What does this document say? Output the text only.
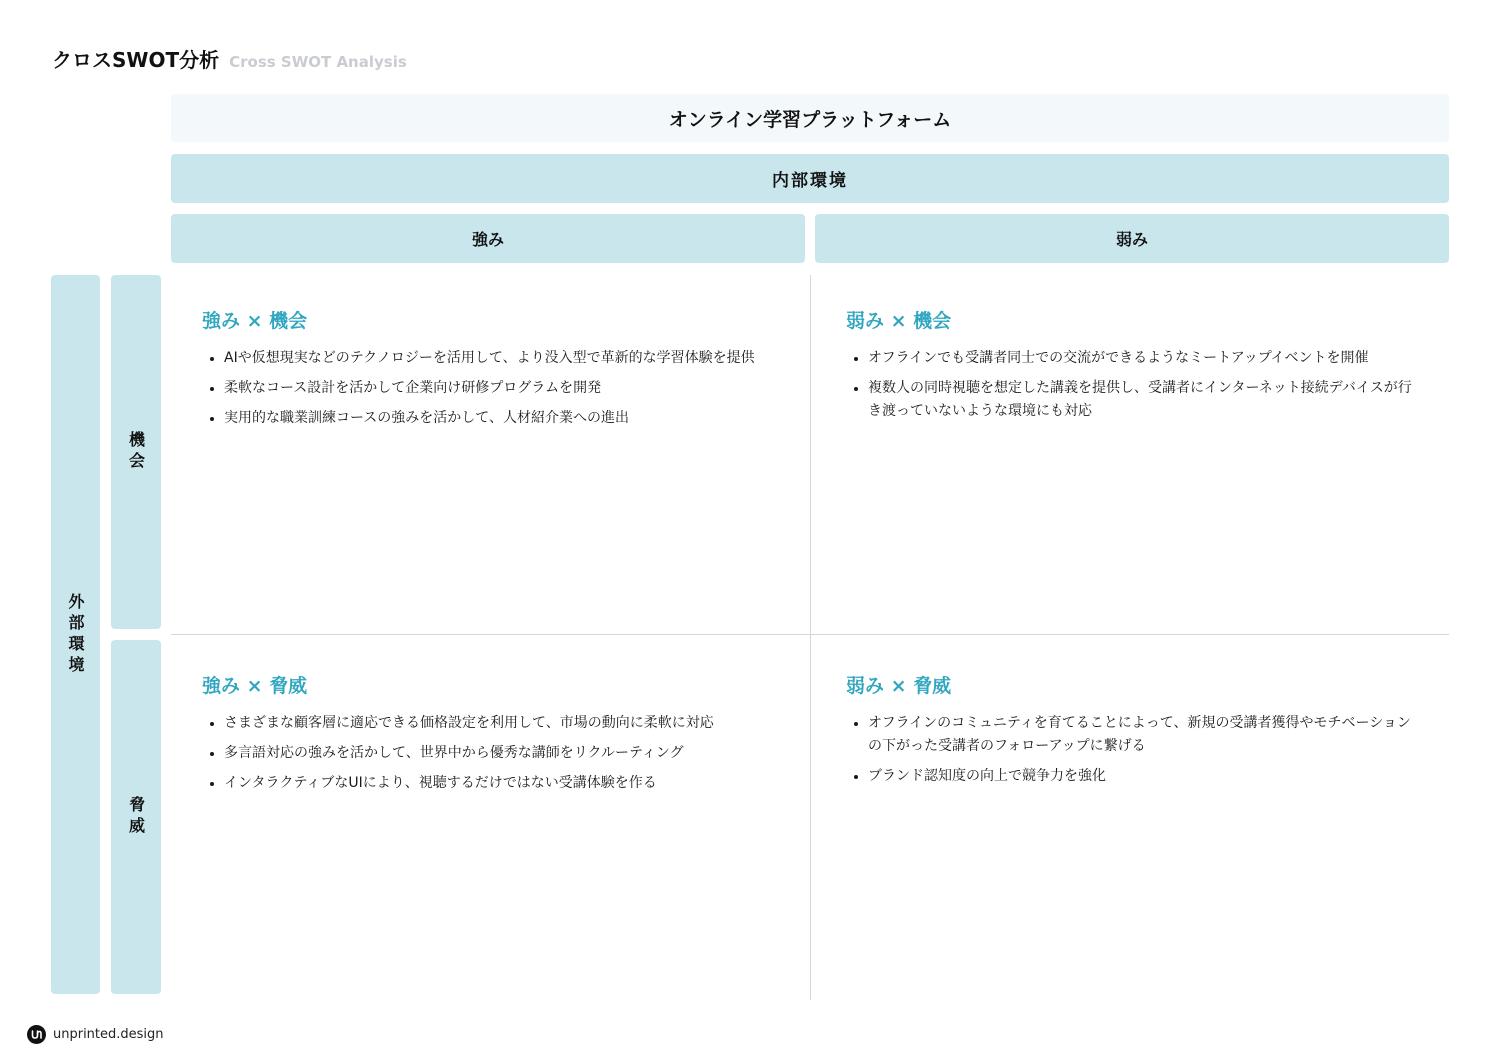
クロスSWOT分析 Cross SWOT Analysis
オンライン学習プラットフォーム
内部環境
強み	弱み
外部環境
機会
脅威
強み × 機会
AIや仮想現実などのテクノロジーを活用して、より没入型で革新的な学習体験を提供
柔軟なコース設計を活かして企業向け研修プログラムを開発
実用的な職業訓練コースの強みを活かして、人材紹介業への進出
弱み × 機会
オフラインでも受講者同士での交流ができるようなミートアップイベントを開催
複数人の同時視聴を想定した講義を提供し、受講者にインターネット接続デバイスが行き渡っていないような環境にも対応
強み × 脅威
さまざまな顧客層に適応できる価格設定を利用して、市場の動向に柔軟に対応
多言語対応の強みを活かして、世界中から優秀な講師をリクルーティング
インタラクティブなUIにより、視聴するだけではない受講体験を作る
弱み × 脅威
オフラインのコミュニティを育てることによって、新規の受講者獲得やモチベーションの下がった受講者のフォローアップに繋げる
ブランド認知度の向上で競争力を強化
unprinted.design
